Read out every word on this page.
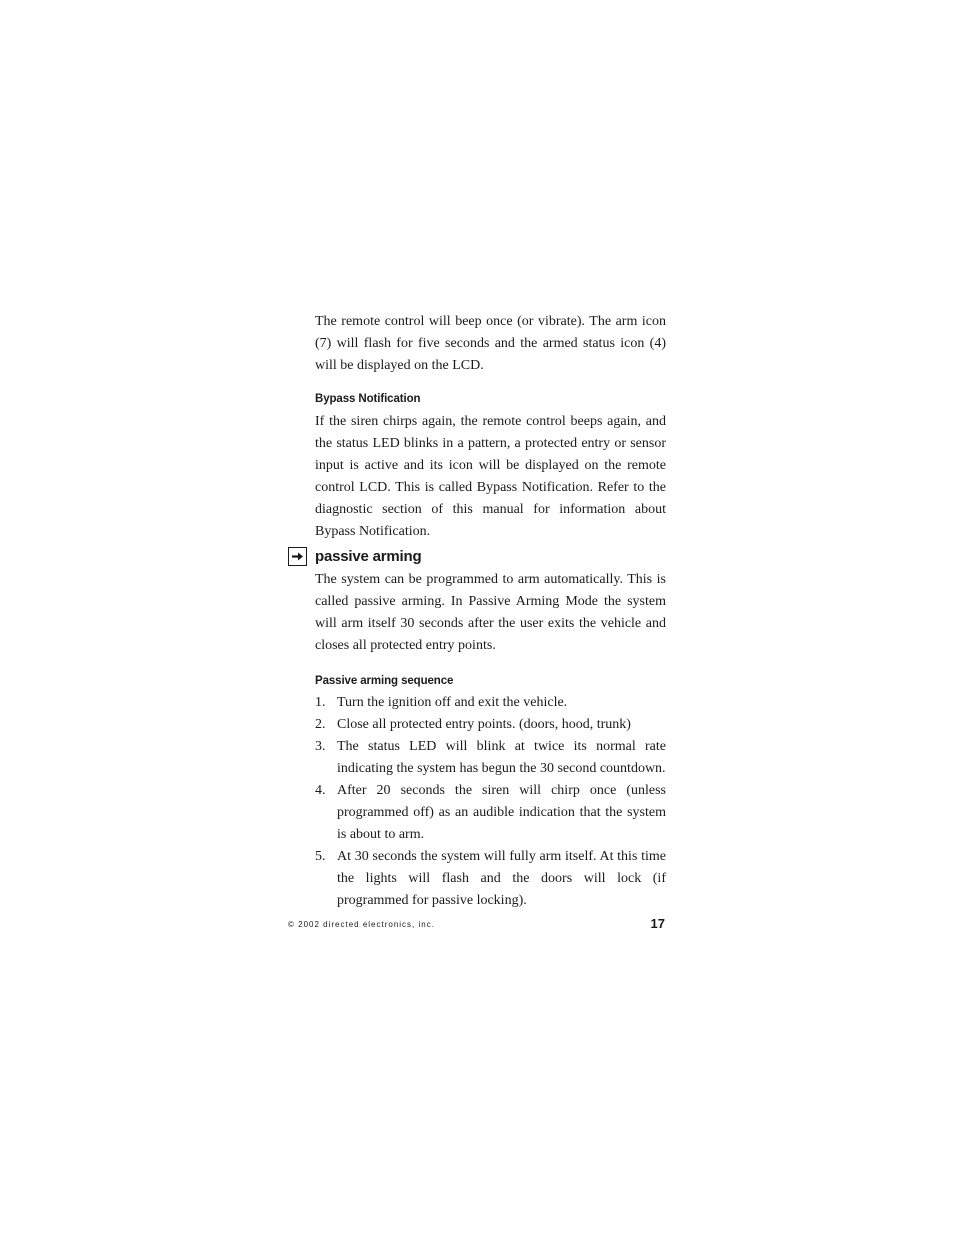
The remote control will beep once (or vibrate). The arm icon (7) will flash for five seconds and the armed status icon (4) will be displayed on the LCD.

Bypass Notification

If the siren chirps again, the remote control beeps again, and the status LED blinks in a pattern, a protected entry or sensor input is active and its icon will be displayed on the remote control LCD. This is called Bypass Notification. Refer to the diagnostic section of this manual for information about Bypass Notification.

passive arming

The system can be programmed to arm automatically. This is called passive arming. In Passive Arming Mode the system will arm itself 30 seconds after the user exits the vehicle and closes all protected entry points.

Passive arming sequence

1. Turn the ignition off and exit the vehicle.
2. Close all protected entry points. (doors, hood, trunk)
3. The status LED will blink at twice its normal rate indicating the system has begun the 30 second countdown.
4. After 20 seconds the siren will chirp once (unless programmed off) as an audible indication that the system is about to arm.
5. At 30 seconds the system will fully arm itself. At this time the lights will flash and the doors will lock (if programmed for passive locking).
© 2002 directed electronics, inc.	17
